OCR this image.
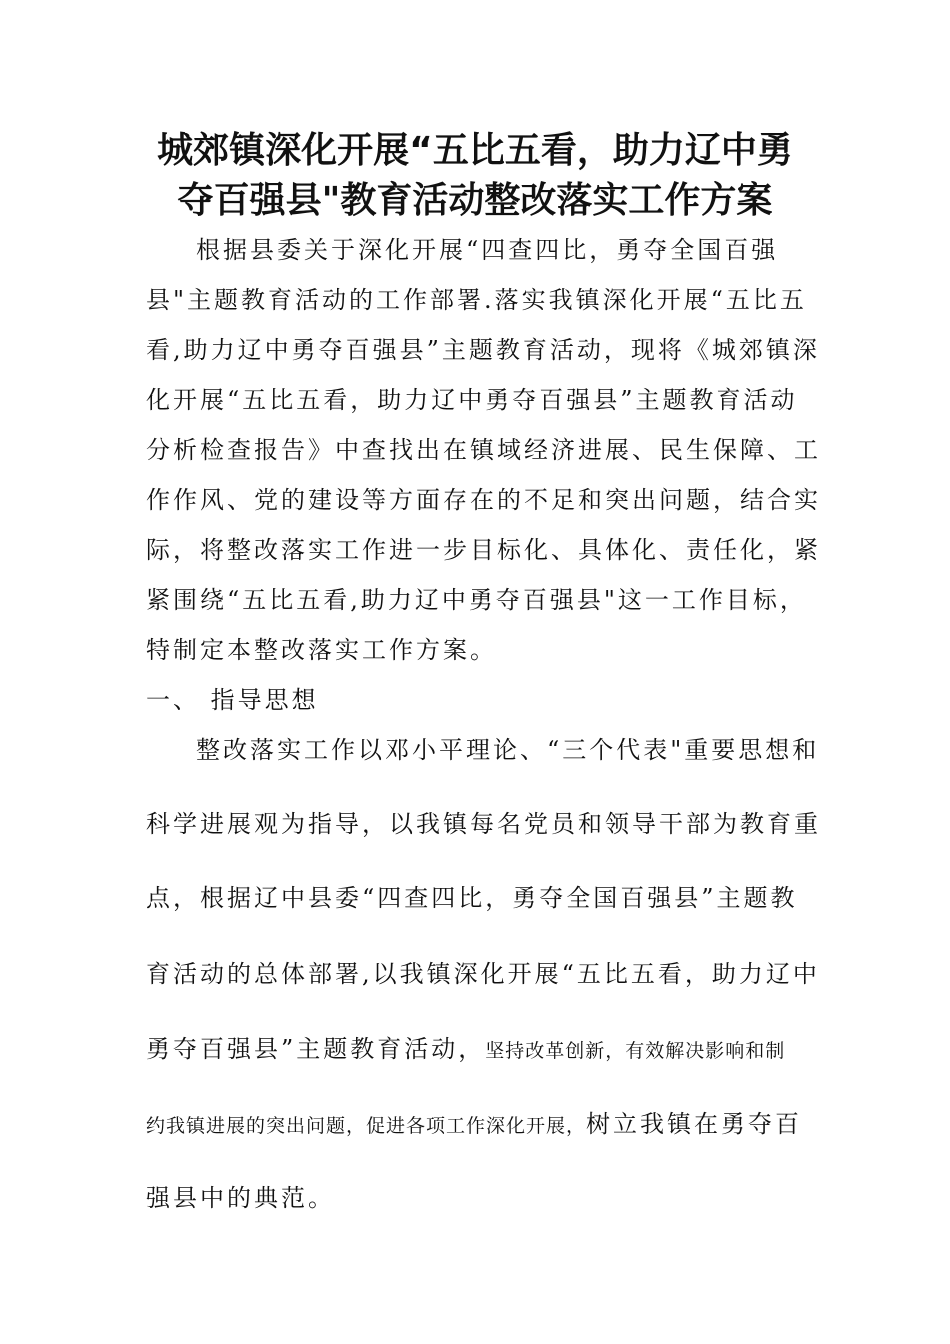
城郊镇深化开展“五比五看，助力辽中勇
夺百强县"教育活动整改落实工作方案
根据县委关于深化开展“四查四比，勇夺全国百强
县"主题教育活动的工作部署.落实我镇深化开展“五比五
看,助力辽中勇夺百强县”主题教育活动，现将《城郊镇深
化开展“五比五看，助力辽中勇夺百强县”主题教育活动
分析检查报告》中查找出在镇域经济进展、民生保障、工
作作风、党的建设等方面存在的不足和突出问题，结合实
际，将整改落实工作进一步目标化、具体化、责任化，紧
紧围绕“五比五看,助力辽中勇夺百强县"这一工作目标，
特制定本整改落实工作方案。
一、 指导思想
整改落实工作以邓小平理论、“三个代表"重要思想和
科学进展观为指导，以我镇每名党员和领导干部为教育重
点，根据辽中县委“四查四比，勇夺全国百强县”主题教
育活动的总体部署,以我镇深化开展“五比五看，助力辽中
勇夺百强县”主题教育活动，坚持改革创新，有效解决影响和制
约我镇进展的突出问题，促进各项工作深化开展，树立我镇在勇夺百
强县中的典范。
